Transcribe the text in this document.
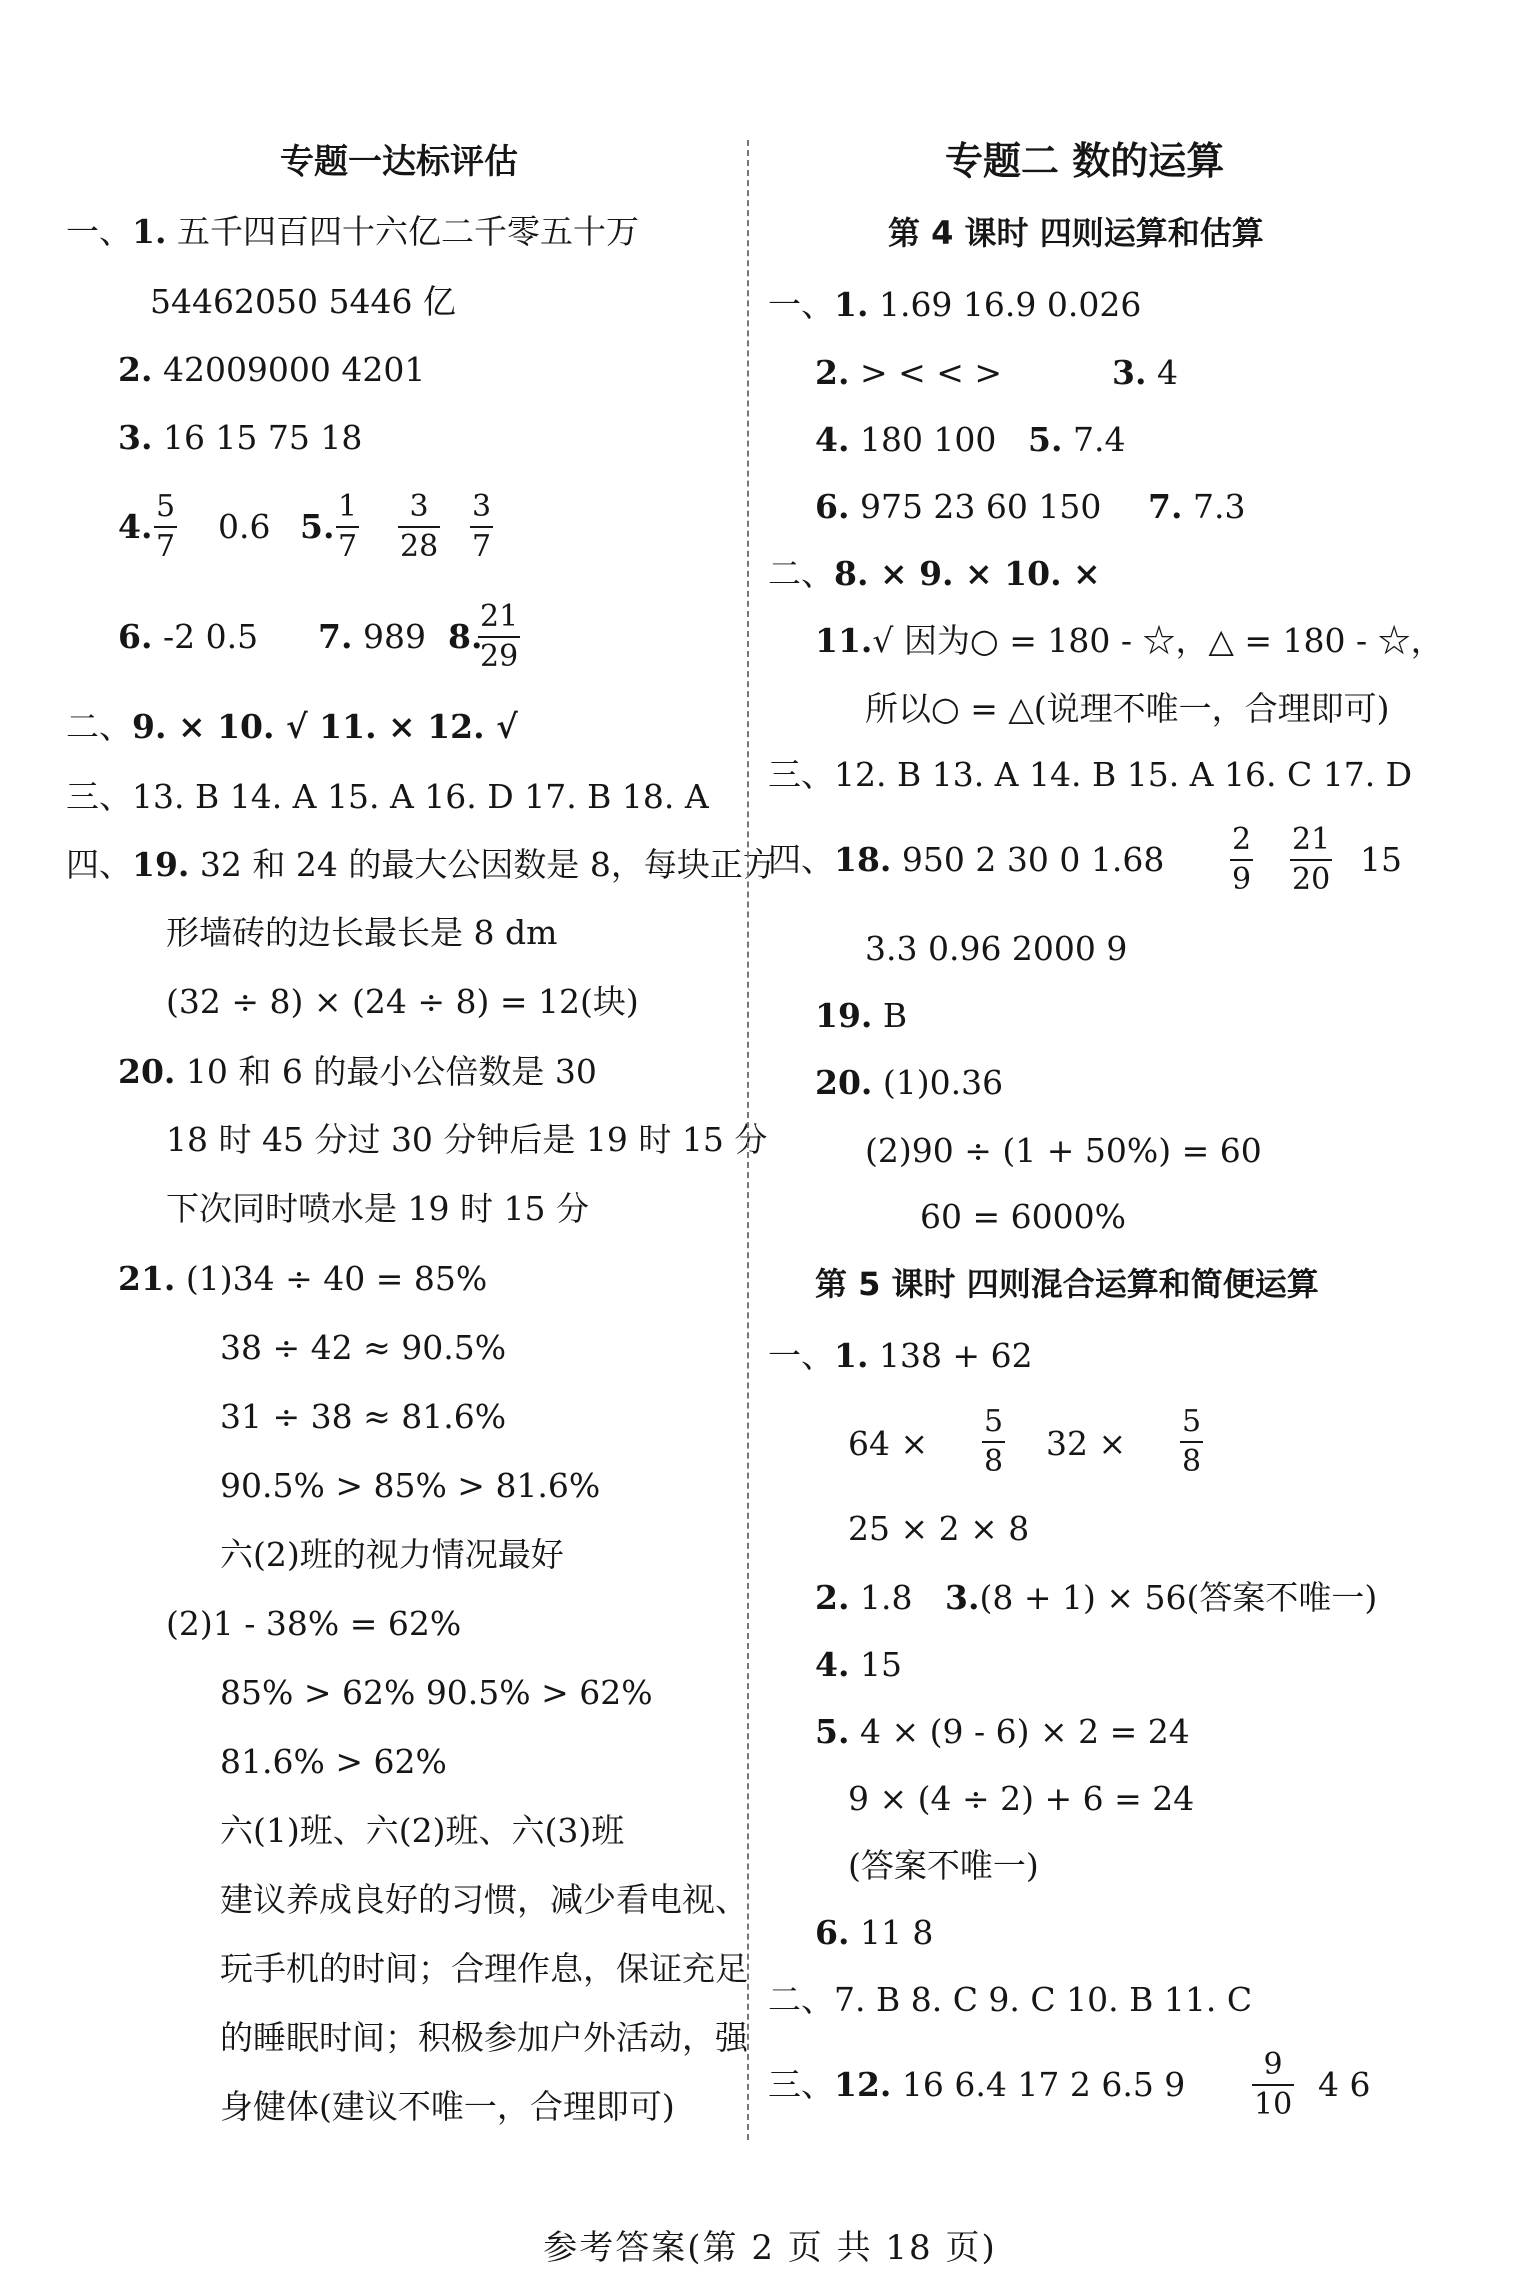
专题一达标评估
一、1. 五千四百四十六亿二千零五十万
54462050 5446 亿
2. 42009000 4201
3. 16 15 75 18
4. $\frac{5}{7} 0.6$ 5. $\frac{1}{7} \frac{3}{28} \frac{3}{7}$
6. -2 0.5 7. 989 8.
$\frac{21}{29}$
二、9. × 10. √ 11. × 12. √
三、13. B 14. A 15. A 16. D 17. B 18. A
四、19. 32 和 24 的最大公因数是 8，每块正方
形墙砖的边长最长是 8 dm
(32 ÷ 8) × (24 ÷ 8) = 12(块)
20. 10 和 6 的最小公倍数是 30
18 时 45 分过 30 分钟后是 19 时 15 分
下次同时喷水是 19 时 15 分
21. (1)34 ÷ 40 = 85%
38 ÷ 42 ≈ 90.5%
31 ÷ 38 ≈ 81.6%
90.5% > 85% > 81.6%
六(2)班的视力情况最好
(2)1 - 38% = 62%
85% > 62% 90.5% > 62%
81.6% > 62%
六(1)班、六(2)班、六(3)班
建议养成良好的习惯，减少看电视、
玩手机的时间；合理作息，保证充足
的睡眠时间；积极参加户外活动，强
身健体(建议不唯一，合理即可)
专题二 数的运算
第 4 课时 四则运算和估算
一、1. 1.69 16.9 0.026
2. > < < >	3. 4
4. 180 100 5. 7.4
6. 975 23 60 150 7. 7.3
二、8. × 9. × 10. ×
11.√ 因为○ = 180 - ☆，△ = 180 - ☆，
所以○ = △(说理不唯一，合理即可)
三、12. B 13. A 14. B 15. A 16. C 17. D
四、18. 950 2 30 0 $1.68 \frac{2}{9} \frac{21}{20} 15$
3.3 0.96 2000 9
19. B
20. (1)0.36
(2)90 ÷ (1 + 50%) = 60
60 = 6000%
第 5 课时 四则混合运算和简便运算
一、1. 138 + 62
$64 \times \frac{5}{8} 32 \times \frac{5}{8}$
25 × 2 × 8
2. 1.8 3.(8 + 1) × 56(答案不唯一)
4. 15
5. 4 × (9 - 6) × 2 = 24
9 × (4 ÷ 2) + 6 = 24
(答案不唯一)
6. 11 8
二、7. B 8. C 9. C 10. B 11. C
三、12. 16 6.4 17 2 6.5 $9 \frac{9}{10} 4$ 6
参考答案(第 2 页 共 18 页)
